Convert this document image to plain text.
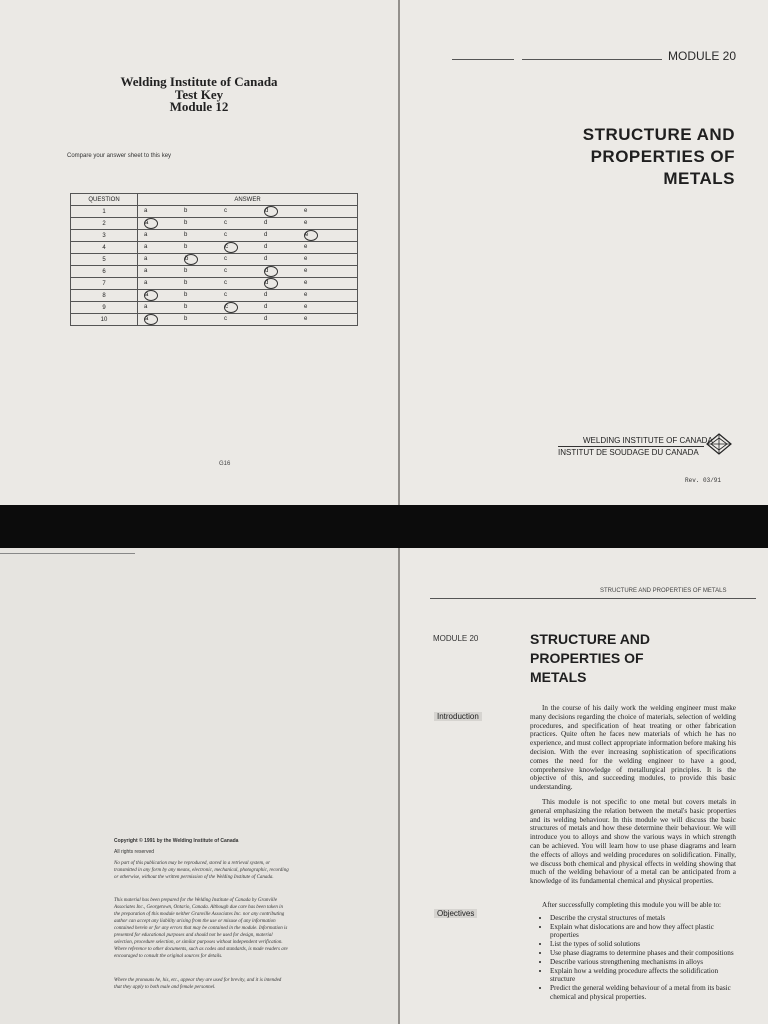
Welding Institute of Canada
Test Key
Module 12
Compare your answer sheet to this key
QUESTION	ANSWER
1	a b c d e
2	a b c d e
3	a b c d e
4	a b c d e
5	a b c d e
6	a b c d e
7	a b c d e
8	a b c d e
9	a b c d e
10	a b c d e
G16
MODULE 20
STRUCTURE AND
PROPERTIES OF
METALS
WELDING INSTITUTE OF CANADA
INSTITUT DE SOUDAGE DU CANADA
Rev. 03/91
Copyright © 1991 by the Welding Institute of Canada
All rights reserved
No part of this publication may be reproduced, stored in a retrieval system, or transmitted in any form by any means, electronic, mechanical, photographic, recording or otherwise, without the written permission of the Welding Institute of Canada.
This material has been prepared for the Welding Institute of Canada by Granville Associates Inc., Georgetown, Ontario, Canada. Although due care has been taken in the preparation of this module neither Granville Associates Inc. nor any contributing author can accept any liability arising from the use or misuse of any information contained herein or for any errors that may be contained in the module. Information is presented for educational purposes and should not be used for design, material selection, procedure selection, or similar purposes without independent verification. Where reference to other documents, such as codes and standards, is made readers are encouraged to consult the original sources for details.
Where the pronouns he, his, etc., appear they are used for brevity, and it is intended that they apply to both male and female personnel.
STRUCTURE AND PROPERTIES OF METALS
MODULE 20	STRUCTURE AND
PROPERTIES OF
METALS
Introduction

In the course of his daily work the welding engineer must make many decisions regarding the choice of materials, selection of welding procedures, and specification of heat treating or other fabrication practices. Quite often he faces new materials of which he has no experience, and must collect appropriate information before making his decision. With the ever increasing sophistication of specifications comes the need for the welding engineer to have a good, comprehensive knowledge of metallurgical principles. It is the objective of this, and succeeding modules, to provide this basic understanding.

This module is not specific to one metal but covers metals in general emphasizing the relation between the metal's basic properties and its welding behaviour. In this module we will discuss the basic structures of metals and how these determine their behaviour. We will introduce you to alloys and show the various ways in which strength can be achieved. You will learn how to use phase diagrams and learn the effects of alloys and welding procedures on solidification. Finally, we discuss both chemical and physical effects in welding showing that much of the welding behaviour of a metal can be anticipated from a knowledge of its fundamental chemical and physical properties.

Objectives
After successfully completing this module you will be able to:
• Describe the crystal structures of metals
• Explain what dislocations are and how they affect plastic properties
• List the types of solid solutions
• Use phase diagrams to determine phases and their compositions
• Describe various strengthening mechanisms in alloys
• Explain how a welding procedure affects the solidification structure
• Predict the general welding behaviour of a metal from its basic chemical and physical properties.
